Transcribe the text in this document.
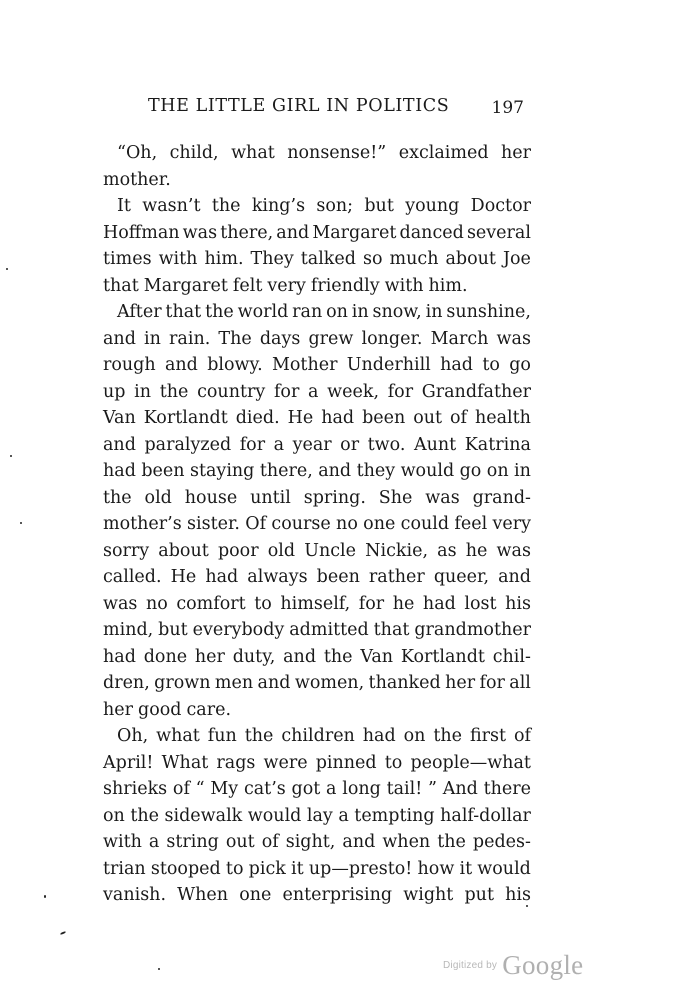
THE LITTLE GIRL IN POLITICS 197
“Oh, child, what nonsense!” exclaimed her
mother.
It wasn’t the king’s son; but young Doctor
Hoffman was there, and Margaret danced several
times with him. They talked so much about Joe
that Margaret felt very friendly with him.
After that the world ran on in snow, in sunshine,
and in rain. The days grew longer. March was
rough and blowy. Mother Underhill had to go
up in the country for a week, for Grandfather
Van Kortlandt died. He had been out of health
and paralyzed for a year or two. Aunt Katrina
had been staying there, and they would go on in
the old house until spring. She was grand-
mother’s sister. Of course no one could feel very
sorry about poor old Uncle Nickie, as he was
called. He had always been rather queer, and
was no comfort to himself, for he had lost his
mind, but everybody admitted that grandmother
had done her duty, and the Van Kortlandt chil-
dren, grown men and women, thanked her for all
her good care.
Oh, what fun the children had on the first of
April! What rags were pinned to people—what
shrieks of “ My cat’s got a long tail! ” And there
on the sidewalk would lay a tempting half-dollar
with a string out of sight, and when the pedes-
trian stooped to pick it up—presto! how it would
vanish. When one enterprising wight put his
Digitized by Google
